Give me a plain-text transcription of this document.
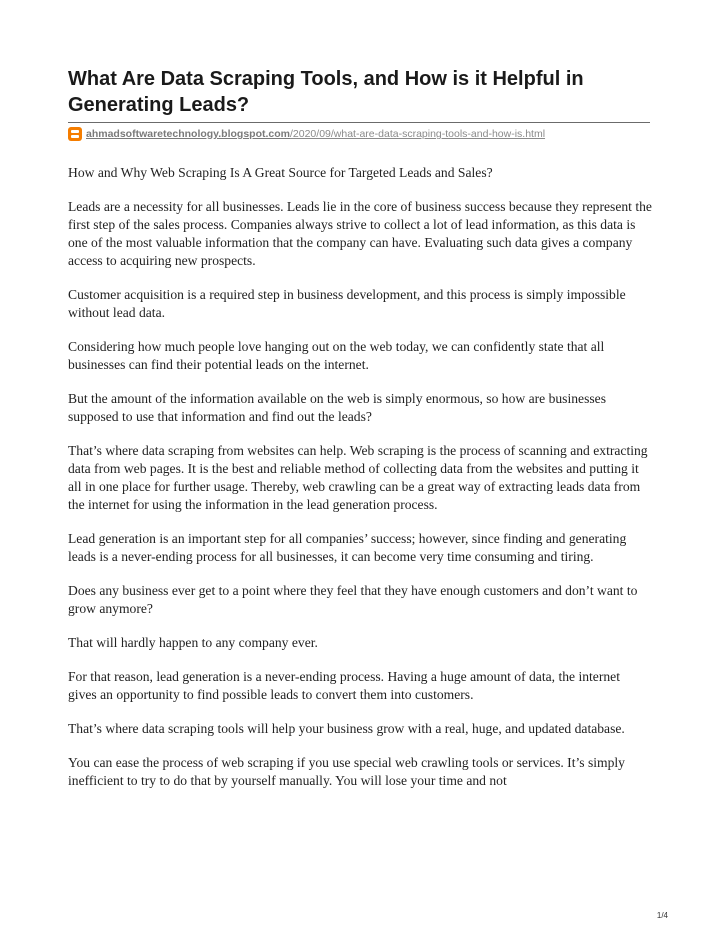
What Are Data Scraping Tools, and How is it Helpful in Generating Leads?
ahmadsoftwaretechnology.blogspot.com /2020/09/what-are-data-scraping-tools-and-how-is.html

How and Why Web Scraping Is A Great Source for Targeted Leads and Sales?

Leads are a necessity for all businesses. Leads lie in the core of business success because they represent the first step of the sales process. Companies always strive to collect a lot of lead information, as this data is one of the most valuable information that the company can have. Evaluating such data gives a company access to acquiring new prospects.

Customer acquisition is a required step in business development, and this process is simply impossible without lead data.

Considering how much people love hanging out on the web today, we can confidently state that all businesses can find their potential leads on the internet.

But the amount of the information available on the web is simply enormous, so how are businesses supposed to use that information and find out the leads?

That’s where data scraping from websites can help. Web scraping is the process of scanning and extracting data from web pages. It is the best and reliable method of collecting data from the websites and putting it all in one place for further usage. Thereby, web crawling can be a great way of extracting leads data from the internet for using the information in the lead generation process.

Lead generation is an important step for all companies’ success; however, since finding and generating leads is a never-ending process for all businesses, it can become very time consuming and tiring.

Does any business ever get to a point where they feel that they have enough customers and don’t want to grow anymore?

That will hardly happen to any company ever.

For that reason, lead generation is a never-ending process. Having a huge amount of data, the internet gives an opportunity to find possible leads to convert them into customers.

That’s where data scraping tools will help your business grow with a real, huge, and updated database.

You can ease the process of web scraping if you use special web crawling tools or services. It’s simply inefficient to try to do that by yourself manually. You will lose your time and not

1/4
